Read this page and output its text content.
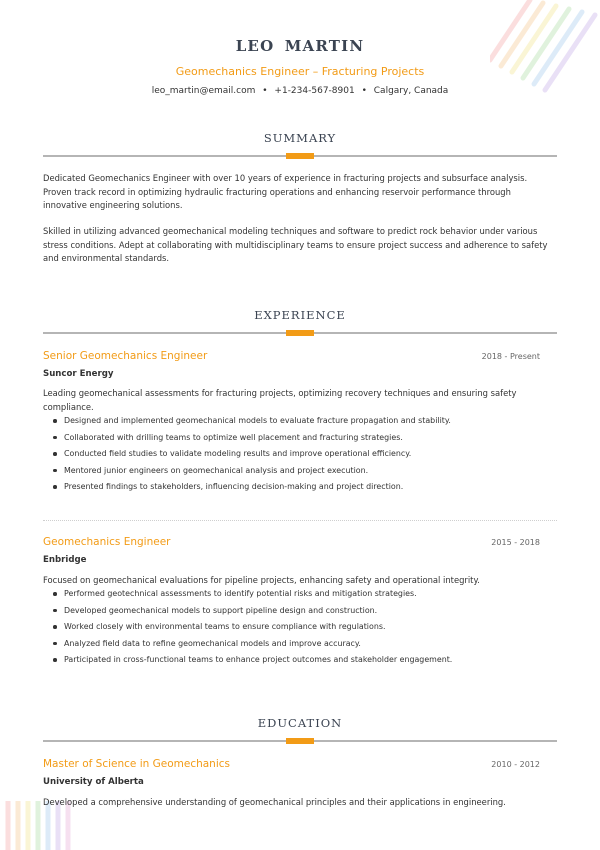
LEO MARTIN
Geomechanics Engineer – Fracturing Projects
leo_martin@email.com • +1-234-567-8901 • Calgary, Canada
SUMMARY
Dedicated Geomechanics Engineer with over 10 years of experience in fracturing projects and subsurface analysis. Proven track record in optimizing hydraulic fracturing operations and enhancing reservoir performance through innovative engineering solutions.
Skilled in utilizing advanced geomechanical modeling techniques and software to predict rock behavior under various stress conditions. Adept at collaborating with multidisciplinary teams to ensure project success and adherence to safety and environmental standards.
EXPERIENCE
Senior Geomechanics Engineer	2018 - Present
Suncor Energy
Leading geomechanical assessments for fracturing projects, optimizing recovery techniques and ensuring safety compliance.
Designed and implemented geomechanical models to evaluate fracture propagation and stability.
Collaborated with drilling teams to optimize well placement and fracturing strategies.
Conducted field studies to validate modeling results and improve operational efficiency.
Mentored junior engineers on geomechanical analysis and project execution.
Presented findings to stakeholders, influencing decision-making and project direction.
Geomechanics Engineer	2015 - 2018
Enbridge
Focused on geomechanical evaluations for pipeline projects, enhancing safety and operational integrity.
Performed geotechnical assessments to identify potential risks and mitigation strategies.
Developed geomechanical models to support pipeline design and construction.
Worked closely with environmental teams to ensure compliance with regulations.
Analyzed field data to refine geomechanical models and improve accuracy.
Participated in cross-functional teams to enhance project outcomes and stakeholder engagement.
EDUCATION
Master of Science in Geomechanics	2010 - 2012
University of Alberta
Developed a comprehensive understanding of geomechanical principles and their applications in engineering.
